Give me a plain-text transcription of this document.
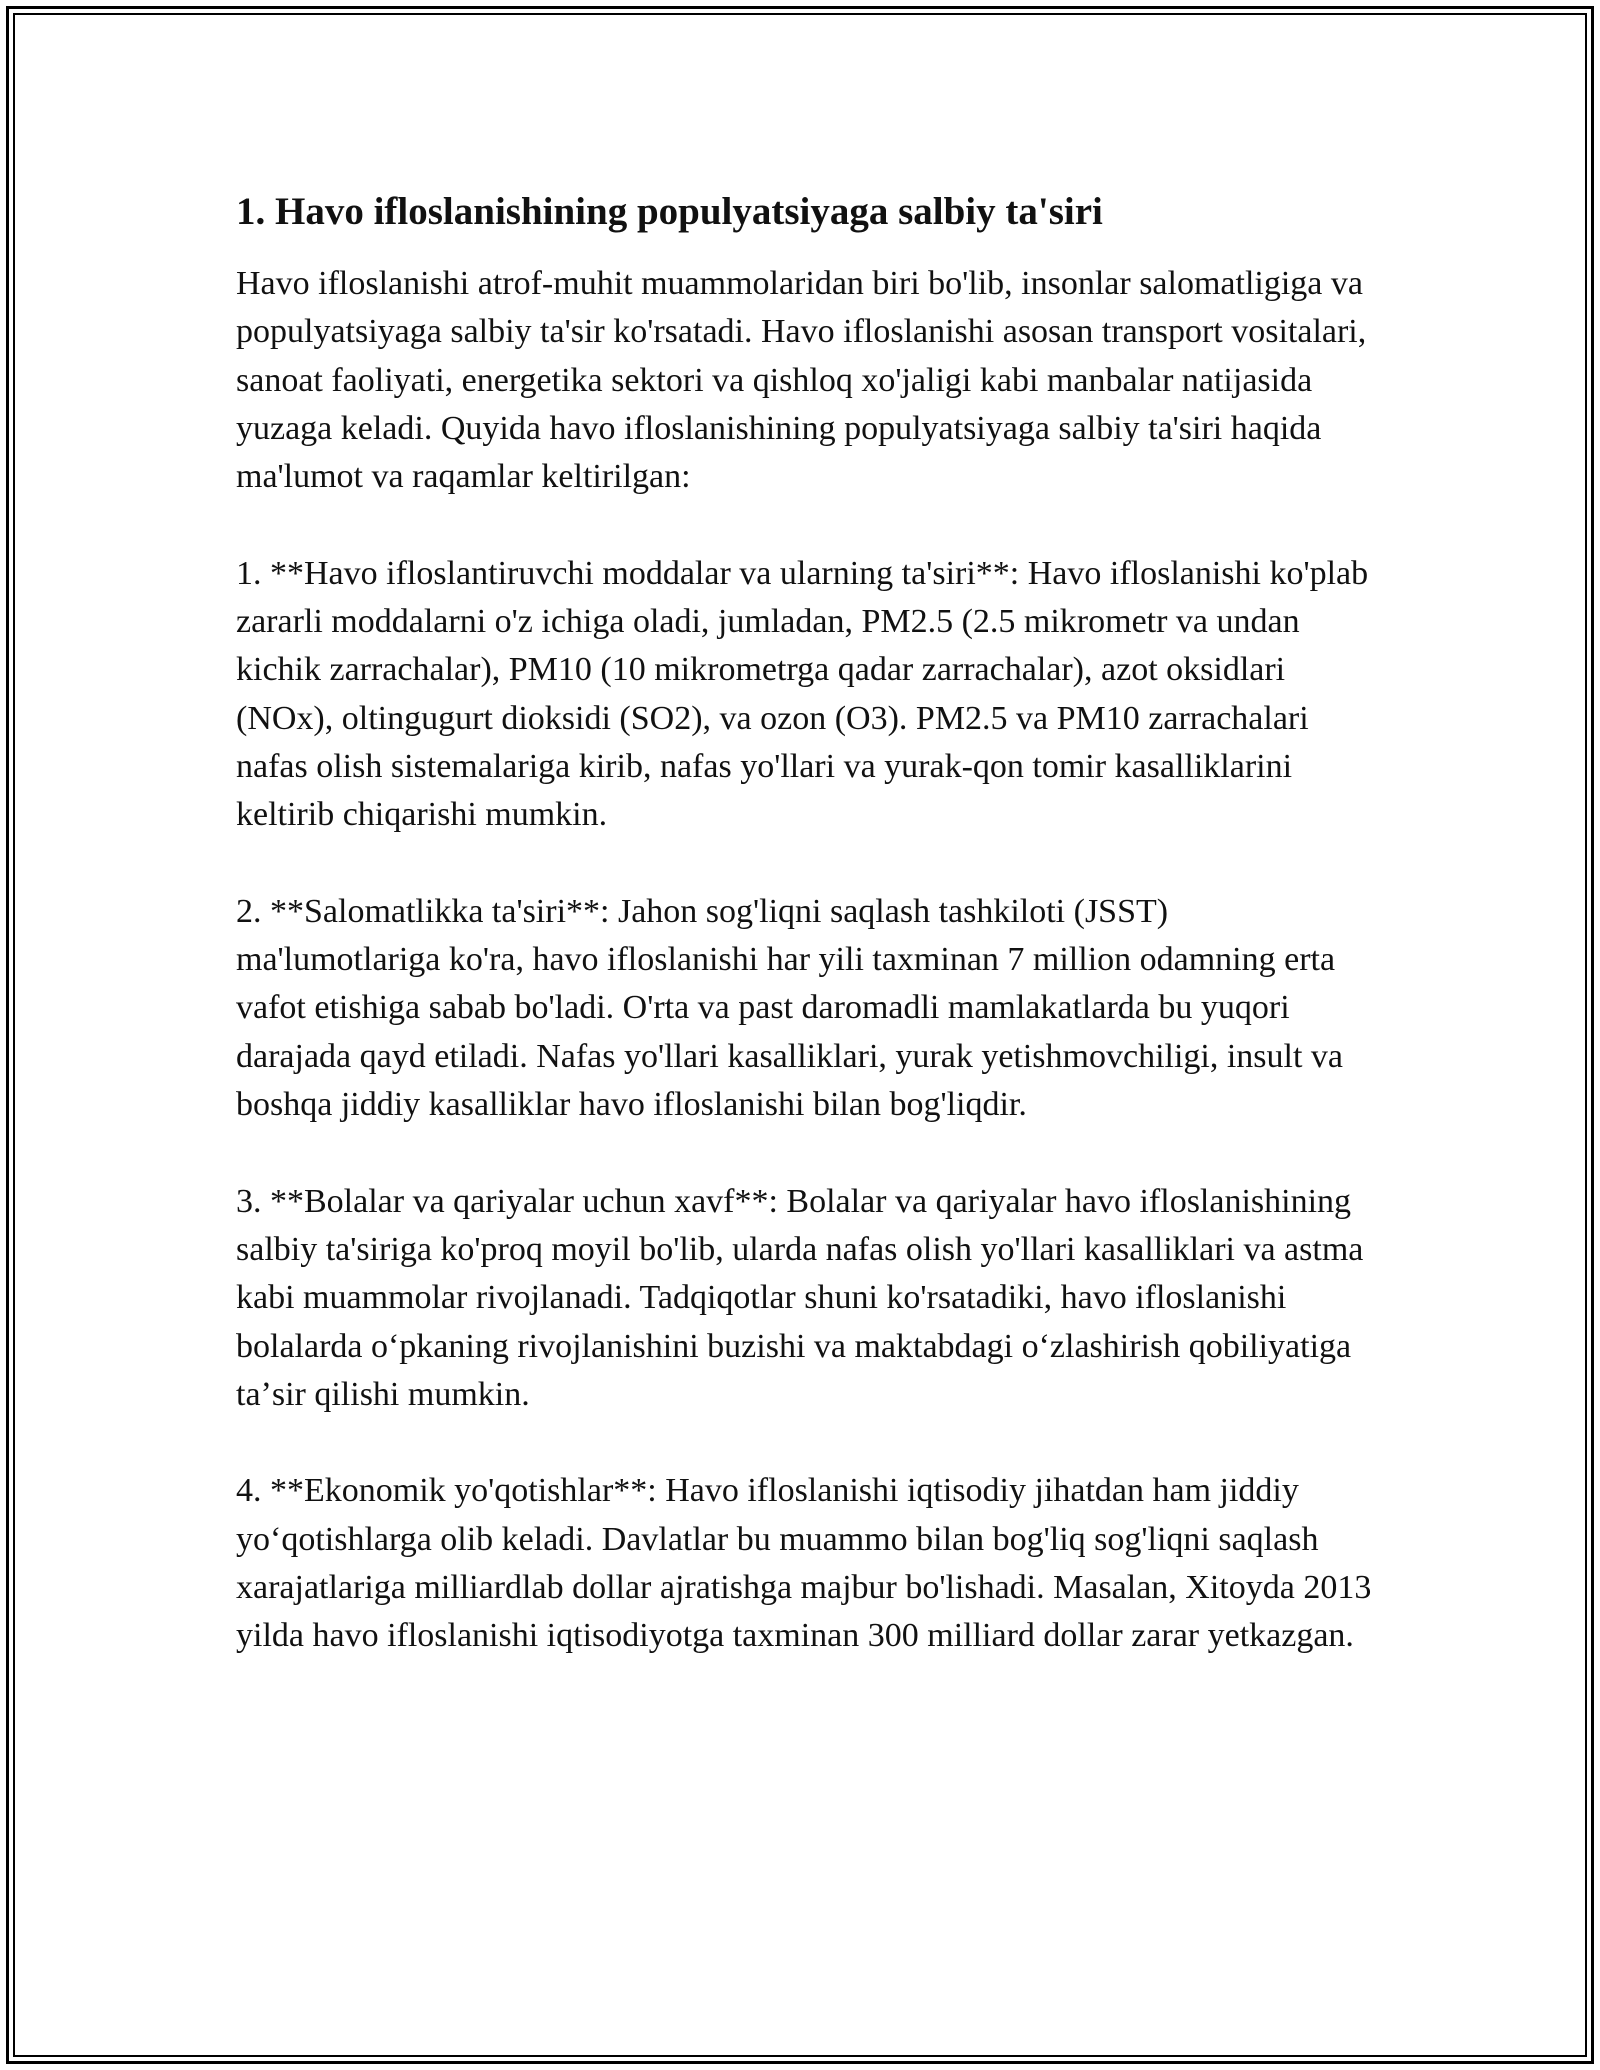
1. Havo ifloslanishining populyatsiyaga salbiy ta'siri

Havo ifloslanishi atrof-muhit muammolaridan biri bo'lib, insonlar salomatligiga va populyatsiyaga salbiy ta'sir ko'rsatadi. Havo ifloslanishi asosan transport vositalari, sanoat faoliyati, energetika sektori va qishloq xo'jaligi kabi manbalar natijasida yuzaga keladi. Quyida havo ifloslanishining populyatsiyaga salbiy ta'siri haqida ma'lumot va raqamlar keltirilgan:

1. **Havo ifloslantiruvchi moddalar va ularning ta'siri**: Havo ifloslanishi ko'plab zararli moddalarni o'z ichiga oladi, jumladan, PM2.5 (2.5 mikrometr va undan kichik zarrachalar), PM10 (10 mikrometrga qadar zarrachalar), azot oksidlari (NOx), oltingugurt dioksidi (SO2), va ozon (O3). PM2.5 va PM10 zarrachalari nafas olish sistemalariga kirib, nafas yo'llari va yurak-qon tomir kasalliklarini keltirib chiqarishi mumkin.

2. **Salomatlikka ta'siri**: Jahon sog'liqni saqlash tashkiloti (JSST) ma'lumotlariga ko'ra, havo ifloslanishi har yili taxminan 7 million odamning erta vafot etishiga sabab bo'ladi. O'rta va past daromadli mamlakatlarda bu yuqori darajada qayd etiladi. Nafas yo'llari kasalliklari, yurak yetishmovchiligi, insult va boshqa jiddiy kasalliklar havo ifloslanishi bilan bog'liqdir.

3. **Bolalar va qariyalar uchun xavf**: Bolalar va qariyalar havo ifloslanishining salbiy ta'siriga ko'proq moyil bo'lib, ularda nafas olish yo'llari kasalliklari va astma kabi muammolar rivojlanadi. Tadqiqotlar shuni ko'rsatadiki, havo ifloslanishi bolalarda oʻpkaning rivojlanishini buzishi va maktabdagi oʻzlashirish qobiliyatiga taʼsir qilishi mumkin.

4. **Ekonomik yo'qotishlar**: Havo ifloslanishi iqtisodiy jihatdan ham jiddiy yoʻqotishlarga olib keladi. Davlatlar bu muammo bilan bog'liq sog'liqni saqlash xarajatlariga milliardlab dollar ajratishga majbur bo'lishadi. Masalan, Xitoyda 2013 yilda havo ifloslanishi iqtisodiyotga taxminan 300 milliard dollar zarar yetkazgan.
